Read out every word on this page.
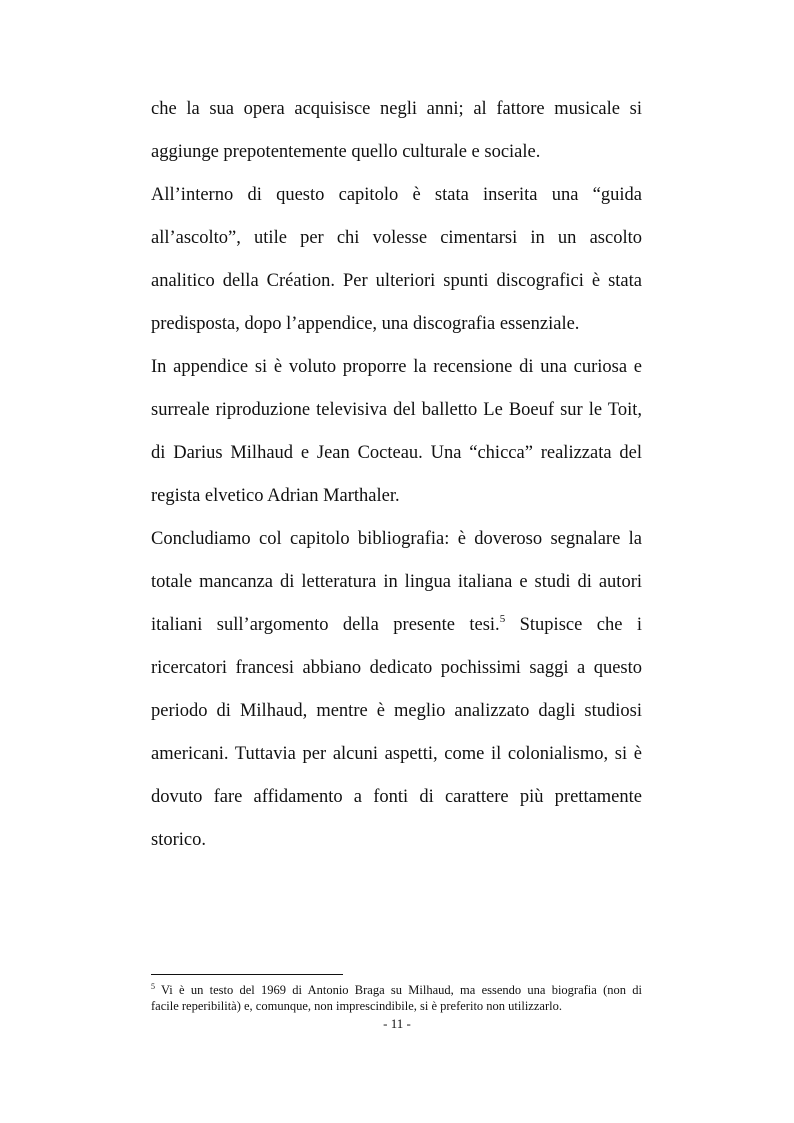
che la sua opera acquisisce negli anni; al fattore musicale si
aggiunge prepotentemente quello culturale e sociale.
All’interno di questo capitolo è stata inserita una “guida
all’ascolto”, utile per chi volesse cimentarsi in un ascolto
analitico della Création. Per ulteriori spunti discografici è stata
predisposta, dopo l’appendice, una discografia essenziale.
In appendice si è voluto proporre la recensione di una curiosa e
surreale riproduzione televisiva del balletto Le Boeuf sur le Toit,
di Darius Milhaud e Jean Cocteau. Una “chicca” realizzata del
regista elvetico Adrian Marthaler.
Concludiamo col capitolo bibliografia: è doveroso segnalare la
totale mancanza di letteratura in lingua italiana e studi di autori
italiani sull’argomento della presente tesi.$^5$ Stupisce che i
ricercatori francesi abbiano dedicato pochissimi saggi a questo
periodo di Milhaud, mentre è meglio analizzato dagli studiosi
americani. Tuttavia per alcuni aspetti, come il colonialismo, si è
dovuto fare affidamento a fonti di carattere più prettamente
storico.
$^5$ Vi è un testo del 1969 di Antonio Braga su Milhaud, ma essendo una biografia (non di
facile reperibilità) e, comunque, non imprescindibile, si è preferito non utilizzarlo.
- 11 -
